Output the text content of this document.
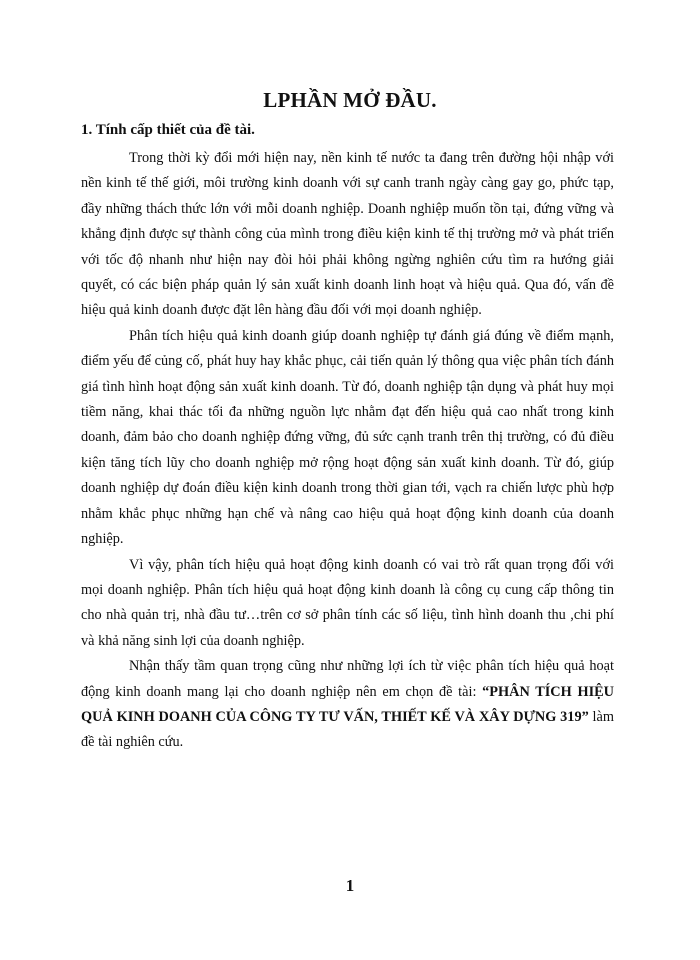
LPHẦN MỞ ĐẦU.
1. Tính cấp thiết của đề tài.

Trong thời kỳ đổi mới hiện nay, nền kinh tế nước ta đang trên đường hội nhập với nền kinh tế thế giới, môi trường kinh doanh với sự canh tranh ngày càng gay go, phức tạp, đầy những thách thức lớn với mỗi doanh nghiệp. Doanh nghiệp muốn tồn tại, đứng vững và khẳng định được sự thành công của mình trong điều kiện kinh tế thị trường mở và phát triển với tốc độ nhanh như hiện nay đòi hỏi phải không ngừng nghiên cứu tìm ra hướng giải quyết, có các biện pháp quản lý sản xuất kinh doanh linh hoạt và hiệu quả. Qua đó, vấn đề hiệu quả kinh doanh được đặt lên hàng đầu đối với mọi doanh nghiệp.

Phân tích hiệu quả kinh doanh giúp doanh nghiệp tự đánh giá đúng về điểm mạnh, điểm yếu để củng cố, phát huy hay khắc phục, cải tiến quản lý thông qua việc phân tích đánh giá tình hình hoạt động sản xuất kinh doanh. Từ đó, doanh nghiệp tận dụng và phát huy mọi tiềm năng, khai thác tối đa những nguồn lực nhằm đạt đến hiệu quả cao nhất trong kinh doanh, đảm bảo cho doanh nghiệp đứng vững, đủ sức cạnh tranh trên thị trường, có đủ điều kiện tăng tích lũy cho doanh nghiệp mở rộng hoạt động sản xuất kinh doanh. Từ đó, giúp doanh nghiệp dự đoán điều kiện kinh doanh trong thời gian tới, vạch ra chiến lược phù hợp nhằm khắc phục những hạn chế và nâng cao hiệu quả hoạt động kinh doanh của doanh nghiệp.

Vì vậy, phân tích hiệu quả hoạt động kinh doanh có vai trò rất quan trọng đối với mọi doanh nghiệp. Phân tích hiệu quả hoạt động kinh doanh là công cụ cung cấp thông tin cho nhà quản trị, nhà đầu tư…trên cơ sở phân tính các số liệu, tình hình doanh thu ,chi phí và khả năng sinh lợi của doanh nghiệp.

Nhận thấy tầm quan trọng cũng như những lợi ích từ việc phân tích hiệu quả hoạt động kinh doanh mang lại cho doanh nghiệp nên em chọn đề tài: “PHÂN TÍCH HIỆU QUẢ KINH DOANH CỦA CÔNG TY TƯ VẤN, THIẾT KẾ VÀ XÂY DỰNG 319” làm đề tài nghiên cứu.

1
